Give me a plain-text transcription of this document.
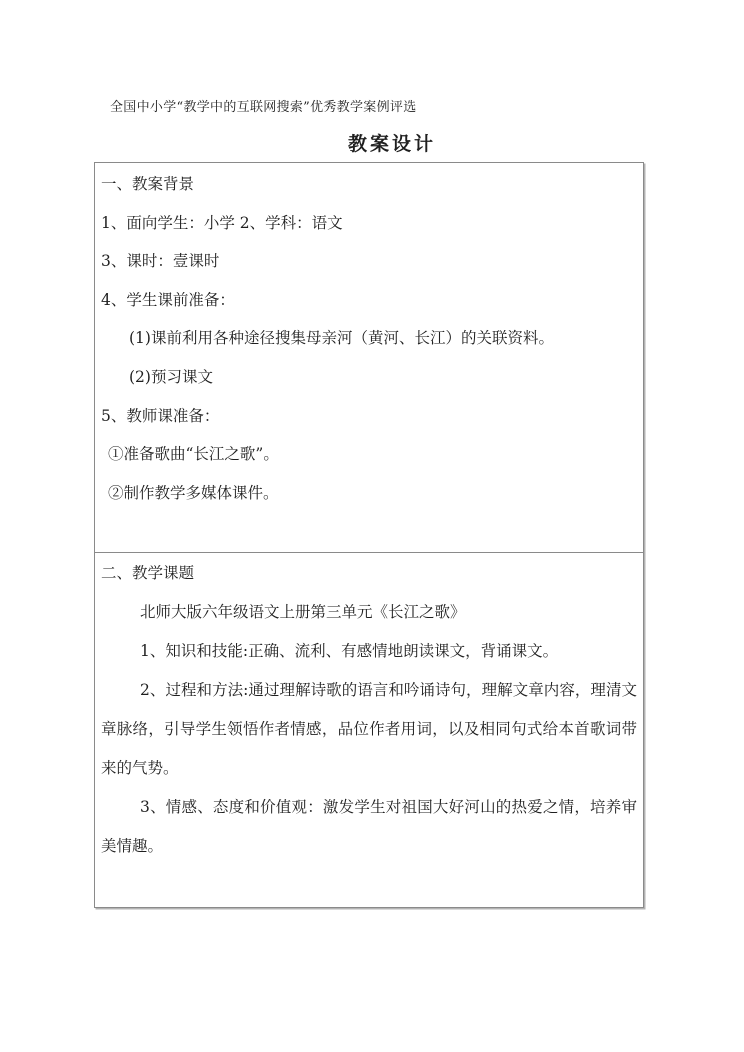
全国中小学“教学中的互联网搜索”优秀教学案例评选
教案设计

一、教案背景

1、面向学生：小学 2、学科：语文

3、课时：壹课时

4、学生课前准备：

(1)课前利用各种途径搜集母亲河（黄河、长江）的关联资料。

(2)预习课文

5、教师课准备：

①准备歌曲“长江之歌”。

②制作教学多媒体课件。

二、教学课题

北师大版六年级语文上册第三单元《长江之歌》

1、知识和技能:正确、流利、有感情地朗读课文，背诵课文。

2、过程和方法:通过理解诗歌的语言和吟诵诗句，理解文章内容，理清文章脉络，引导学生领悟作者情感，品位作者用词，以及相同句式给本首歌词带来的气势。

3、情感、态度和价值观：激发学生对祖国大好河山的热爱之情，培养审美情趣。
